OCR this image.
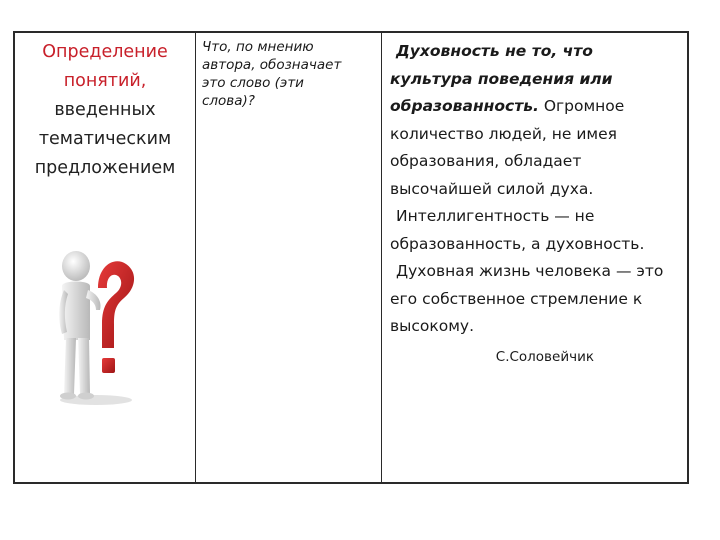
Определение
понятий,
введенных
тематическим
предложением
Что, по мнению
автора, обозначает
это слово (эти
слова)?
Духовность не то, что
культура поведения или
образованность. Огромное
количество людей, не имея
образования, обладает
высочайшей силой духа.
Интеллигентность — не
образованность, а духовность.
Духовная жизнь человека — это
его собственное стремление к
высокому.
С.Соловейчик
